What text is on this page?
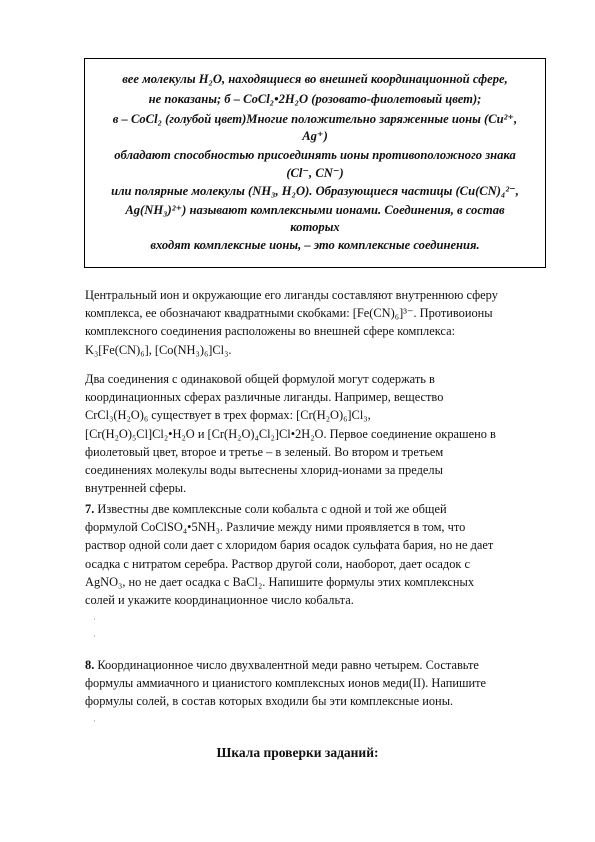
вее молекулы H₂O, находящиеся во внешней координационной сфере,
не показаны; б – CoCl₂•2H₂O (розовато-фиолетовый цвет);
в – CoCl₂ (голубой цвет)Многие положительно заряженные ионы (Cu²⁺,
Ag⁺)
обладают способностью присоединять ионы противоположного знака
(Cl⁻, CN⁻)
или полярные молекулы (NH₃, H₂O). Образующиеся частицы (Cu(CN)₄²⁻,
Ag(NH₃)²⁺) называют комплексными ионами. Соединения, в состав
которых
входят комплексные ионы, – это комплексные соединения.
Центральный ион и окружающие его лиганды составляют внутреннюю сферу
комплекса, ее обозначают квадратными скобками: [Fe(CN)₆]³⁻. Противоионы
комплексного соединения расположены во внешней сфере комплекса:
K₃[Fe(CN)₆], [Co(NH₃)₆]Cl₃.
Два соединения с одинаковой общей формулой могут содержать в
координационных сферах различные лиганды. Например, вещество
CrCl₃(H₂O)₆ существует в трех формах: [Cr(H₂O)₆]Cl₃,
[Cr(H₂O)₅Cl]Cl₂•H₂O и [Cr(H₂O)₄Cl₂]Cl•2H₂O. Первое соединение окрашено в
фиолетовый цвет, второе и третье – в зеленый. Во втором и третьем
соединениях молекулы воды вытеснены хлорид-ионами за пределы
внутренней сферы.
7. Известны две комплексные соли кобальта с одной и той же общей
формулой CoClSO₄•5NH₃. Различие между ними проявляется в том, что
раствор одной соли дает с хлоридом бария осадок сульфата бария, но не дает
осадка с нитратом серебра. Раствор другой соли, наоборот, дает осадок с
AgNO₃, но не дает осадка с BaCl₂. Напишите формулы этих комплексных
солей и укажите координационное число кобальта.
·
·
8. Координационное число двухвалентной меди равно четырем. Составьте
формулы аммиачного и цианистого комплексных ионов меди(II). Напишите
формулы солей, в состав которых входили бы эти комплексные ионы.
·
Шкала проверки заданий:
